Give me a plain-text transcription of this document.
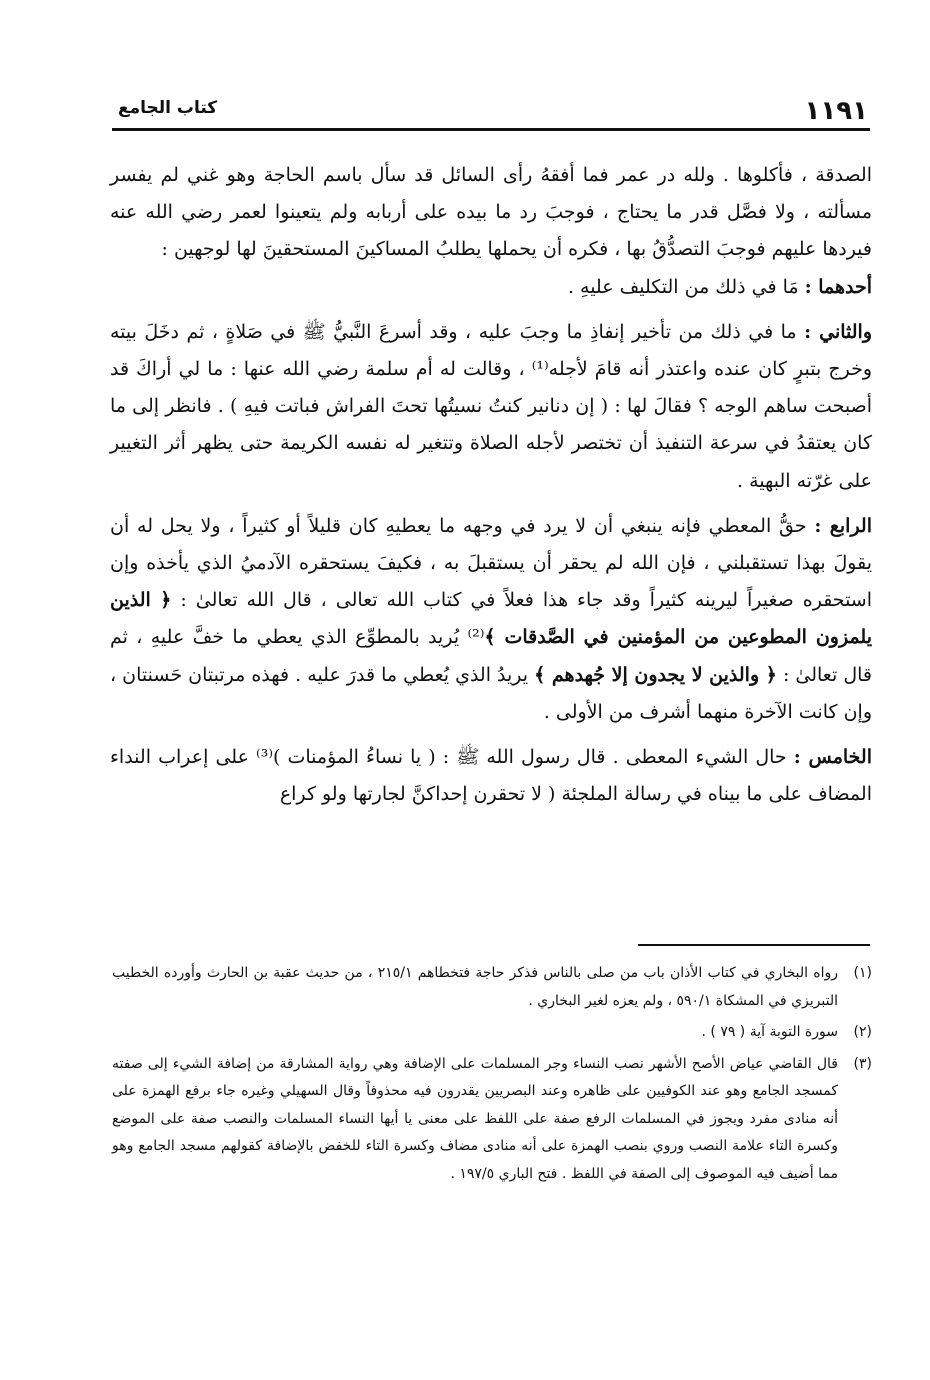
١١٩١
كتاب الجامع

الصدقة ، فأكلوها . ولله در عمر فما أفقهُ رأى السائل قد سأل باسم الحاجة وهو غني لم يفسر مسألته ، ولا فصَّل قدر ما يحتاج ، فوجبَ رد ما بيده على أربابه ولم يتعينوا لعمر رضي الله عنه فيردها عليهم فوجبَ التصدُّقُ بها ، فكره أن يحملها يطلبُ المساكينَ المستحقينَ لها لوجهين :

أحدهما : مَا في ذلك من التكليف عليهِ .

والثاني : ما في ذلك من تأخير إنفاذِ ما وجبَ عليه ، وقد أسرعَ النَّبيُّ ﷺ في صَلاةٍ ، ثم دخَلَ بيته وخرج بتبرٍ كان عنده واعتذر أنه قامَ لأجله⁽¹⁾ ، وقالت له أم سلمة رضي الله عنها : ما لي أراكَ قد أصبحت ساهم الوجه ؟ فقالَ لها : ( إن دنانير كنتُ نسيتُها تحتَ الفراش فباتت فيهِ ) . فانظر إلى ما كان يعتقدُ في سرعة التنفيذ أن تختصر لأجله الصلاة وتتغير له نفسه الكريمة حتى يظهر أثر التغيير على غرّته البهية .

الرابع : حقُّ المعطي فإنه ينبغي أن لا يرد في وجهه ما يعطيهِ كان قليلاً أو كثيراً ، ولا يحل له أن يقولَ بهذا تستقبلني ، فإن الله لم يحقر أن يستقبلَ به ، فكيفَ يستحقره الآدميُ الذي يأخذه وإن استحقره صغيراً ليرينه كثيراً وقد جاء هذا فعلاً في كتاب الله تعالى ، قال الله تعالىٰ : ﴿ الذين يلمزون المطوعين من المؤمنين في الصَّدقات ﴾⁽²⁾ يُريد بالمطوِّع الذي يعطي ما خفَّ عليهِ ، ثم قال تعالىٰ : ﴿ والذين لا يجدون إلا جُهدهم ﴾ يريدُ الذي يُعطي ما قدرَ عليه . فهذه مرتبتان حَسنتان ، وإن كانت الآخرة منهما أشرف من الأولى .

الخامس : حال الشيء المعطى . قال رسول الله ﷺ : ( يا نساءُ المؤمنات )⁽³⁾ على إعراب النداء المضاف على ما بيناه في رسالة الملجئة ( لا تحقرن إحداكنَّ لجارتها ولو كراع

(١)
رواه البخاري في كتاب الأذان باب من صلى بالناس فذكر حاجة فتخطاهم ٢١٥/١ ، من حديث عقبة بن الحارث وأورده الخطيب التبريزي في المشكاة ٥٩٠/١ ، ولم يعزه لغير البخاري .
(٢)
سورة التوبة آية ( ٧٩ ) .
(٣)
قال القاضي عياض الأصح الأشهر نصب النساء وجر المسلمات على الإضافة وهي رواية المشارقة من إضافة الشيء إلى صفته كمسجد الجامع وهو عند الكوفيين على ظاهره وعند البصريين يقدرون فيه محذوفاً وقال السهيلي وغيره جاء برفع الهمزة على أنه منادى مفرد ويجوز في المسلمات الرفع صفة على اللفظ على معنى يا أيها النساء المسلمات والنصب صفة على الموضع وكسرة التاء علامة النصب وروي بنصب الهمزة على أنه منادى مضاف وكسرة التاء للخفض بالإضافة كقولهم مسجد الجامع وهو مما أضيف فيه الموصوف إلى الصفة في اللفظ . فتح الباري ١٩٧/٥ .
